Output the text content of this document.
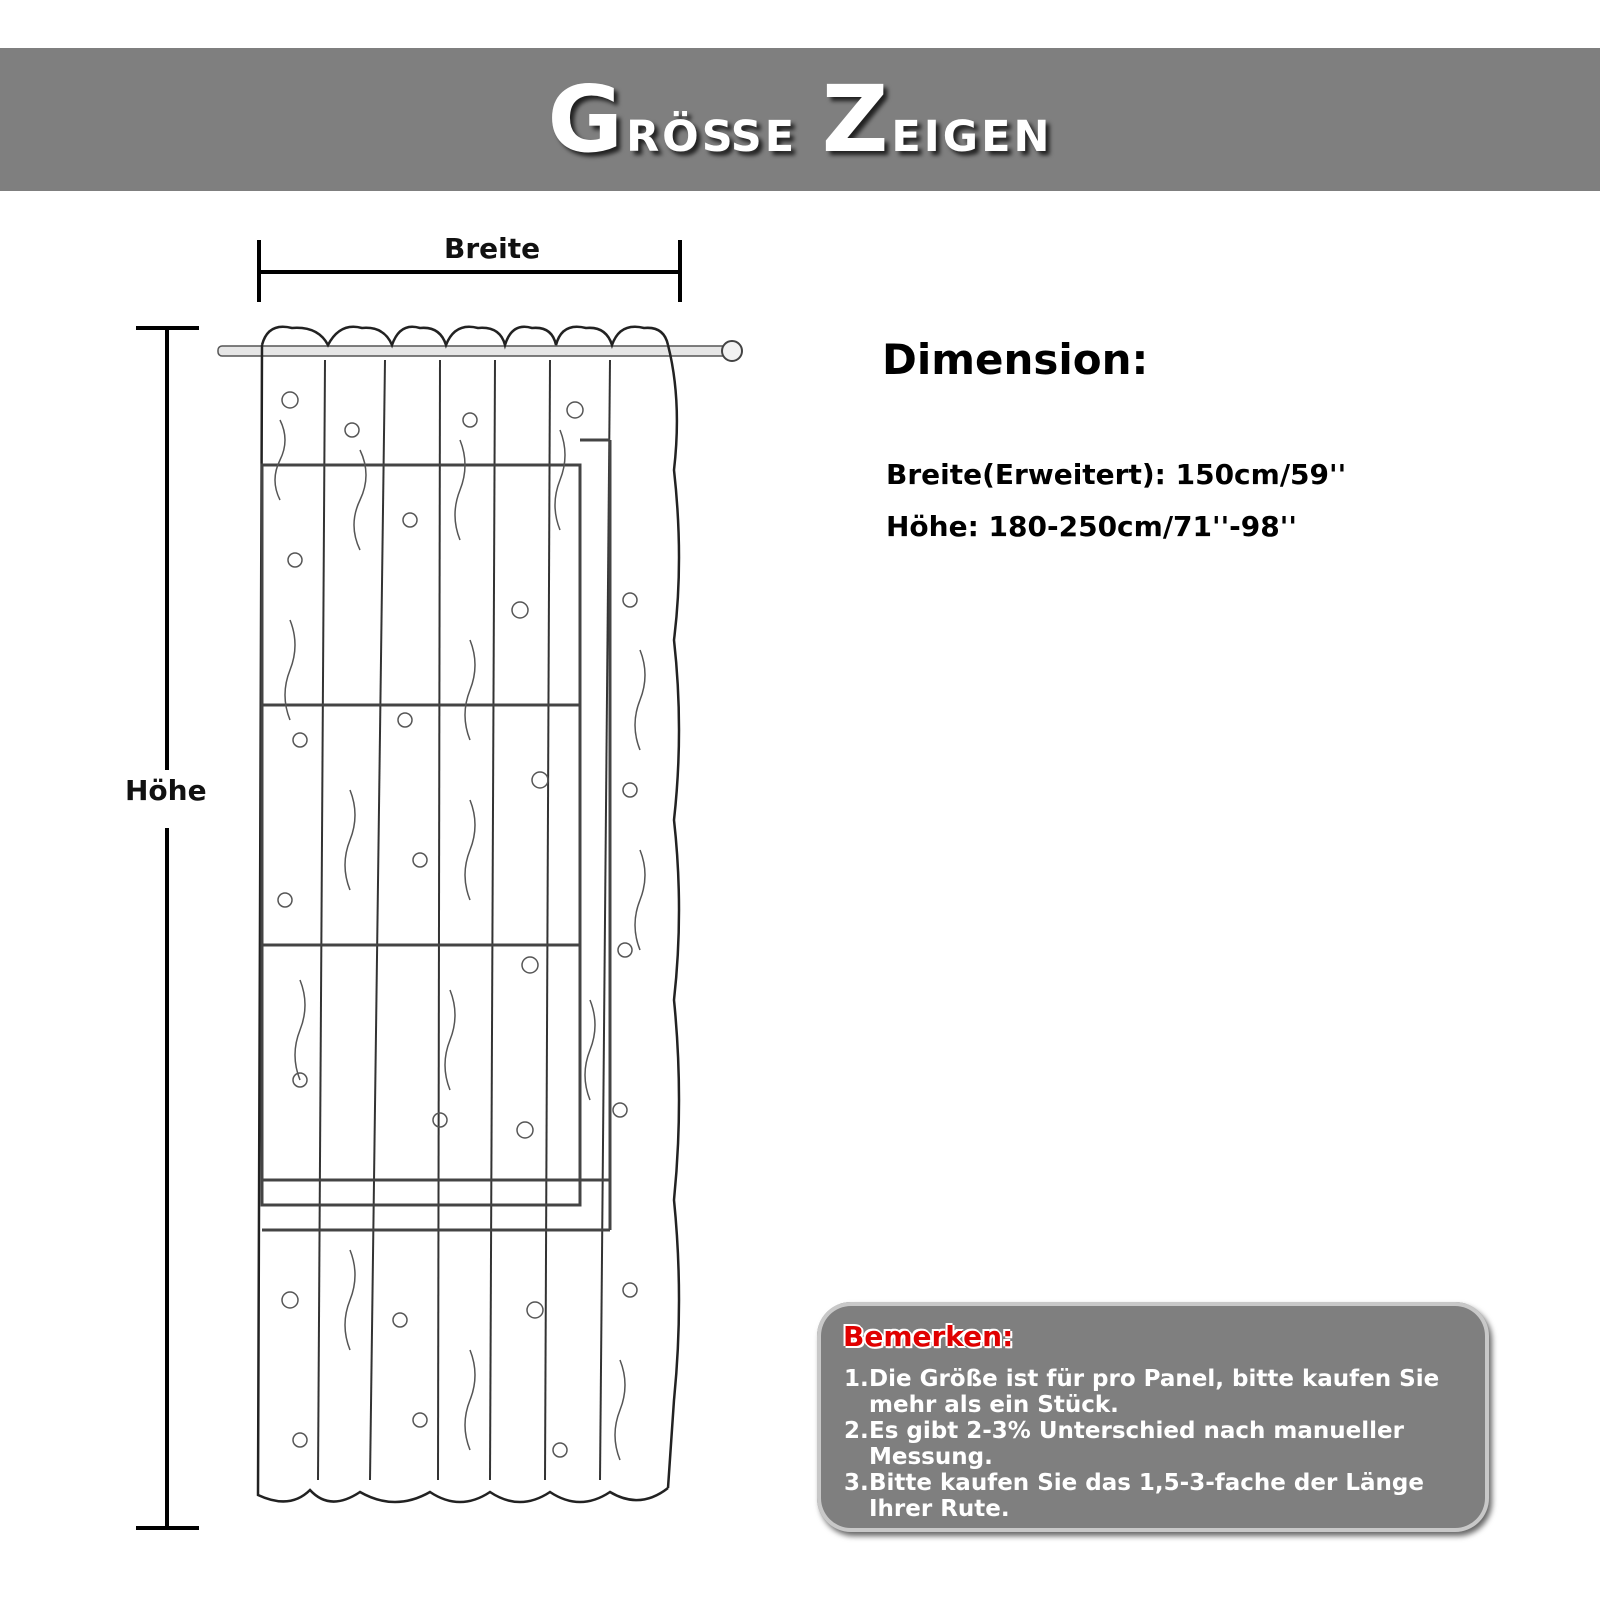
Größe Zeigen
Breite
Höhe
Dimension:
Breite(Erweitert): 150cm/59''
Höhe: 180-250cm/71''-98''
Bemerken:
1.Die Größe ist für pro Panel, bitte kaufen Sie mehr als ein Stück.
2.Es gibt 2-3% Unterschied nach manueller Messung.
3.Bitte kaufen Sie das 1,5-3-fache der Länge Ihrer Rute.
